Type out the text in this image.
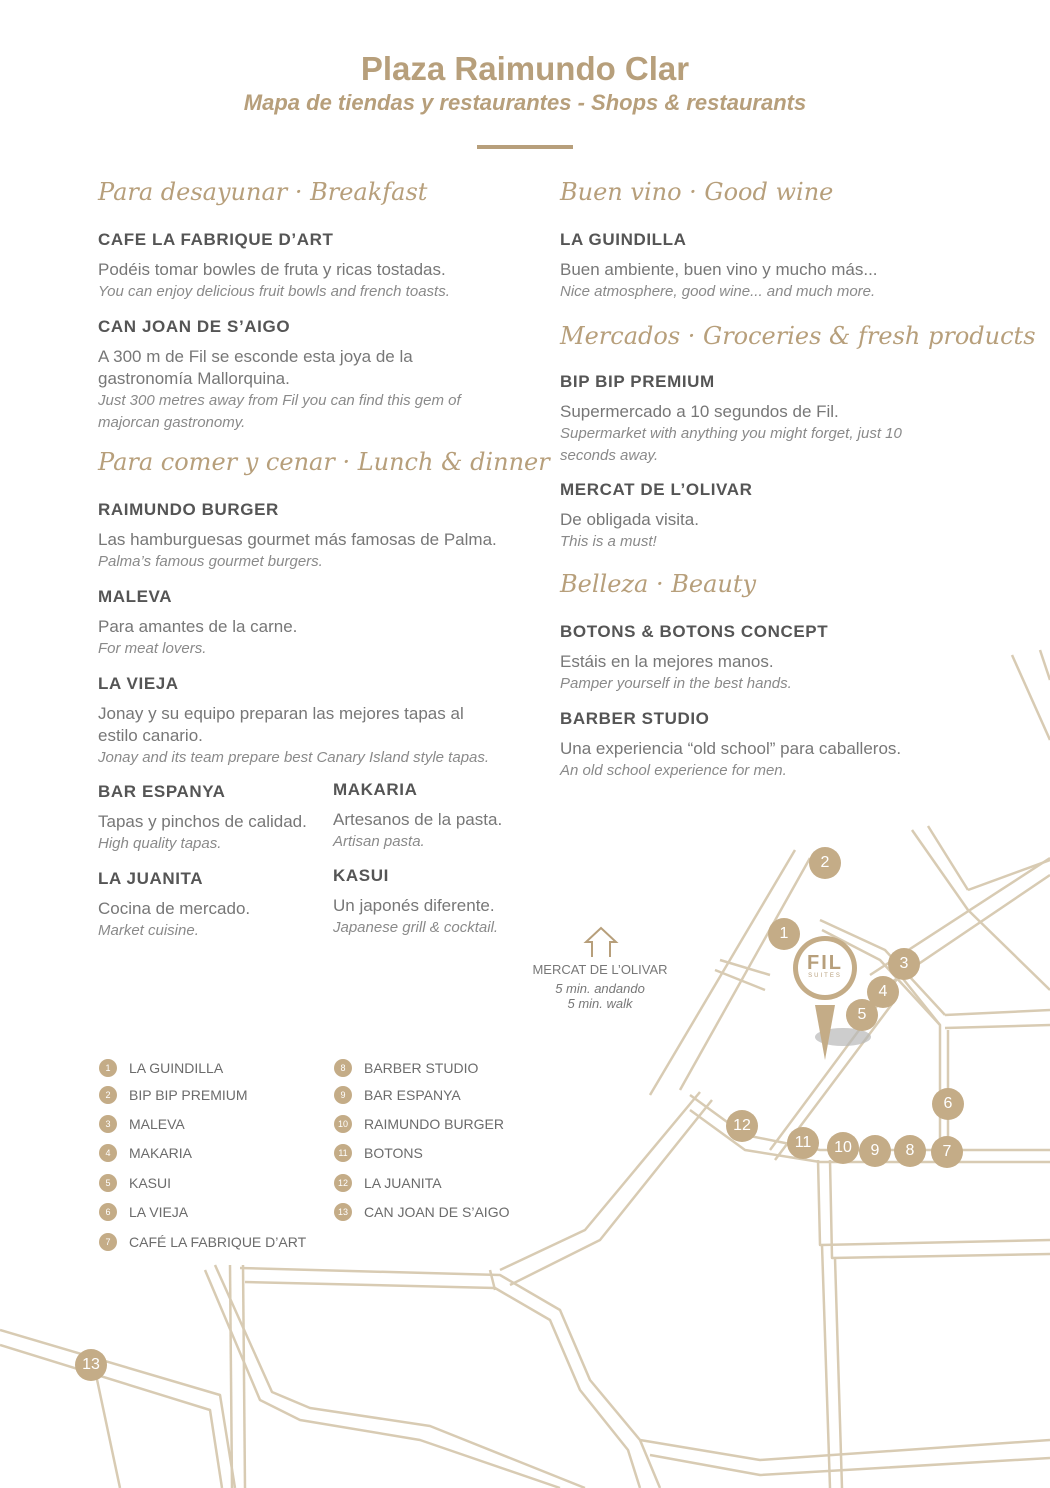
FIL
SUITES
Plaza Raimundo Clar
Mapa de tiendas y restaurantes - Shops & restaurants
Para desayunar · Breakfast
CAFE LA FABRIQUE D’ART
Podéis tomar bowles de fruta y ricas tostadas.
You can enjoy delicious fruit bowls and french toasts.
CAN JOAN DE S’AIGO
A 300 m de Fil se esconde esta joya de la gastronomía Mallorquina.
Just 300 metres away from Fil you can find this gem of majorcan gastronomy.
Para comer y cenar · Lunch & dinner
RAIMUNDO BURGER
Las hamburguesas gourmet más famosas de Palma.
Palma’s famous gourmet burgers.
MALEVA
Para amantes de la carne.
For meat lovers.
LA VIEJA
Jonay y su equipo preparan las mejores tapas al estilo canario.
Jonay and its team prepare best Canary Island style tapas.
BAR ESPANYA
Tapas y pinchos de calidad.
High quality tapas.
MAKARIA
Artesanos de la pasta.
Artisan pasta.
LA JUANITA
Cocina de mercado.
Market cuisine.
KASUI
Un japonés diferente.
Japanese grill & cocktail.
Buen vino · Good wine
LA GUINDILLA
Buen ambiente, buen vino y mucho más...
Nice atmosphere, good wine... and much more.
Mercados · Groceries & fresh products
BIP BIP PREMIUM
Supermercado a 10 segundos de Fil.
Supermarket with anything you might forget, just 10 seconds away.
MERCAT DE L’OLIVAR
De obligada visita.
This is a must!
Belleza · Beauty
BOTONS & BOTONS CONCEPT
Estáis en la mejores manos.
Pamper yourself in the best hands.
BARBER STUDIO
Una experiencia “old school” para caballeros.
An old school experience for men.
MERCAT DE L’OLIVAR
5 min. andando
5 min. walk
1
2
3
4
5
6
7
8
9
10
11
12
13
1	LA GUINDILLA
2	BIP BIP PREMIUM
3	MALEVA
4	MAKARIA
5	KASUI
6	LA VIEJA
7	CAFÉ LA FABRIQUE D’ART
8	BARBER STUDIO
9	BAR ESPANYA
10 RAIMUNDO BURGER
11	BOTONS
12 LA JUANITA
13 CAN JOAN DE S’AIGO
